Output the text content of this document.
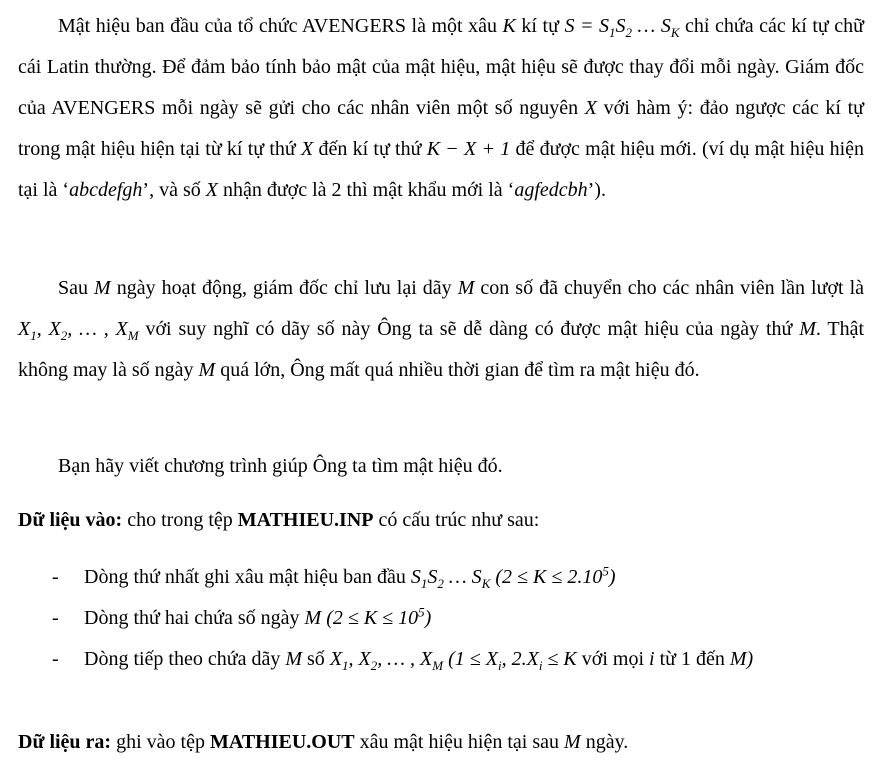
Mật hiệu ban đầu của tổ chức AVENGERS là một xâu K kí tự $S = S_1S_2$ … $S_K$ chỉ chứa các kí tự chữ cái Latin thường. Để đảm bảo tính bảo mật của mật hiệu, mật hiệu sẽ được thay đổi mỗi ngày. Giám đốc của AVENGERS mỗi ngày sẽ gửi cho các nhân viên một số nguyên X với hàm ý: đảo ngược các kí tự trong mật hiệu hiện tại từ kí tự thứ X đến kí tự thứ K − X + 1 để được mật hiệu mới. (ví dụ mật hiệu hiện tại là ‘abcdefgh’, và số X nhận được là 2 thì mật khẩu mới là ‘agfedcbh’).

Sau M ngày hoạt động, giám đốc chỉ lưu lại dãy M con số đã chuyển cho các nhân viên lần lượt là $X_1$, $X_2$, … , $X_M$ với suy nghĩ có dãy số này Ông ta sẽ dễ dàng có được mật hiệu của ngày thứ M. Thật không may là số ngày M quá lớn, Ông mất quá nhiều thời gian để tìm ra mật hiệu đó.

Bạn hãy viết chương trình giúp Ông ta tìm mật hiệu đó.

Dữ liệu vào: cho trong tệp MATHIEU.INP có cấu trúc như sau:

- Dòng thứ nhất ghi xâu mật hiệu ban đầu $S_1S_2$ … $S_K$ $(2 \le K \le 2.10^5)$
- Dòng thứ hai chứa số ngày M $(2 \le K \le 10^5)$
- Dòng tiếp theo chứa dãy M số $X_1$, $X_2$, … , $X_M$ ($1 \le X_i$, $2.X_i \le K$ với mọi i từ 1 đến M)

Dữ liệu ra: ghi vào tệp MATHIEU.OUT xâu mật hiệu hiện tại sau M ngày.
